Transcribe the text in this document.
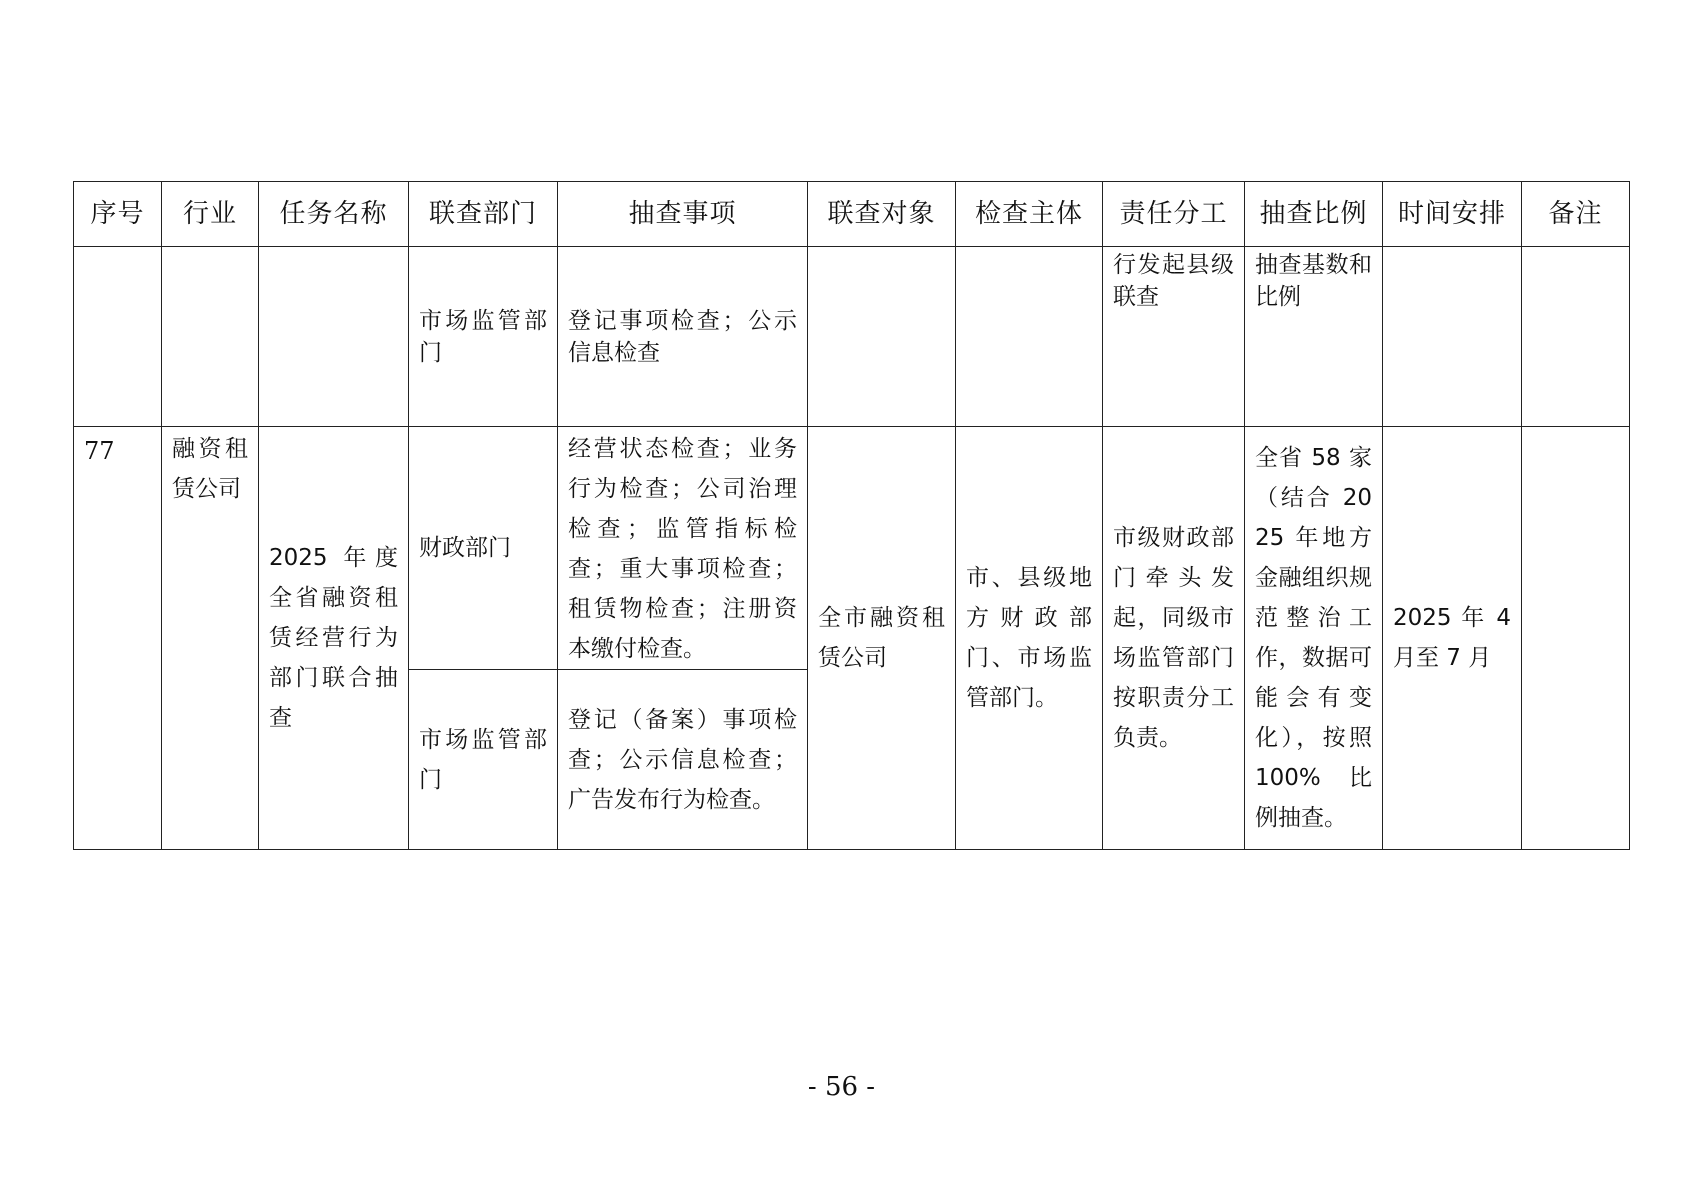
序号	行业	任务名称	联查部门	抽查事项	联查对象	检查主体	责任分工	抽查比例	时间安排	备注

			市场监管部门	登记事项检查；公示信息检查			行发起县级联查	抽查基数和比例		

77	融资租赁公司	2025 年度全省融资租赁经营行为部门联合抽查	财政部门	经营状态检查；业务行为检查；公司治理检查；监管指标检查；重大事项检查；租赁物检查；注册资本缴付检查。	全市融资租赁公司	市、县级地方财政部门、市场监管部门。	市级财政部门牵头发起，同级市场监管部门按职责分工负责。	全省 58 家（结合 2025 年地方金融组织规范整治工作，数据可能会有变化），按照 100% 比例抽查。	2025 年 4 月至 7 月	

			市场监管部门	登记（备案）事项检查；公示信息检查；广告发布行为检查。						
- 56 -
